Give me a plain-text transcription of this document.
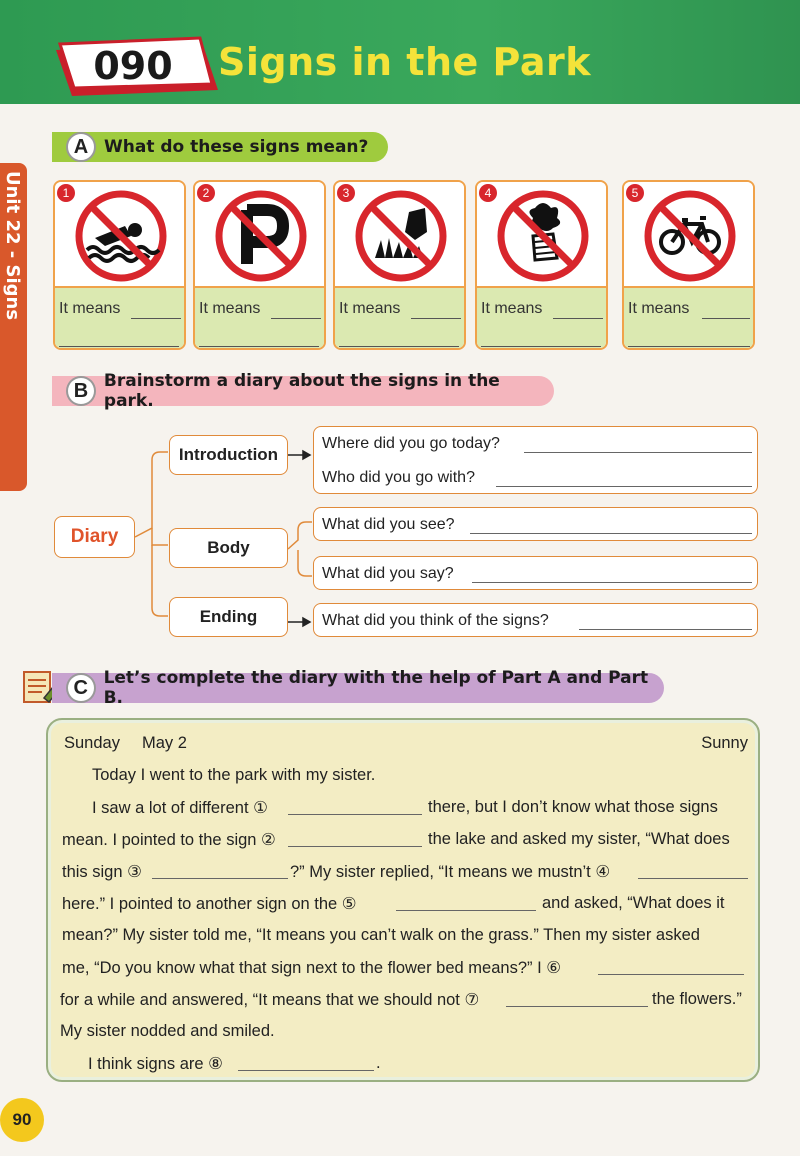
090 Signs in the Park
Unit 22 - Signs
A What do these signs mean?
1
It means
2
It means
3
It means
4
It means
5
It means
B Brainstorm a diary about the signs in the park.
Diary
Introduction
Body
Ending
Where did you go today?
Who did you go with?
What did you see?
What did you say?
What did you think of the signs?
C Let’s complete the diary with the help of Part A and Part B.
Sunday May 2	Sunny
Today I went to the park with my sister.
I saw a lot of different ①	there, but I don’t know what those signs
mean. I pointed to the sign ②	the lake and asked my sister, “What does
this sign ③	?” My sister replied, “It means we mustn’t ④
here.” I pointed to another sign on the ⑤	and asked, “What does it
mean?” My sister told me, “It means you can’t walk on the grass.” Then my sister asked
me, “Do you know what that sign next to the flower bed means?” I ⑥
for a while and answered, “It means that we should not ⑦	the flowers.”
My sister nodded and smiled.
I think signs are ⑧	.
90
